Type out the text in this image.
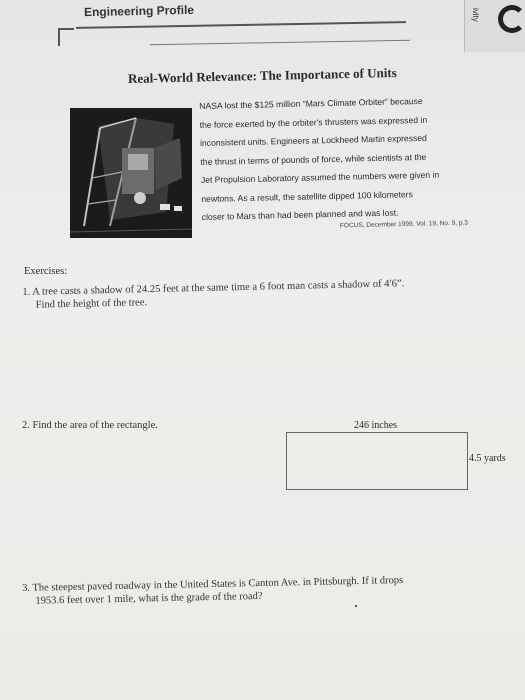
ivity
Engineering Profile
Real-World Relevance: The Importance of Units
NASA lost the $125 million “Mars Climate Orbiter” because
the force exerted by the orbiter's thrusters was expressed in
inconsistent units. Engineers at Lockheed Martin expressed
the thrust in terms of pounds of force, while scientists at the
Jet Propulsion Laboratory assumed the numbers were given in
newtons. As a result, the satellite dipped 100 kilometers
closer to Mars than had been planned and was lost.
FOCUS, December 1999, Vol. 19, No. 9, p.3
Exercises:
1. A tree casts a shadow of 24.25 feet at the same time a 6 foot man casts a shadow of 4ʹ6”.
Find the height of the tree.
2. Find the area of the rectangle.	246 inches
4.5 yards
3. The steepest paved roadway in the United States is Canton Ave. in Pittsburgh. If it drops
1953.6 feet over 1 mile, what is the grade of the road?
